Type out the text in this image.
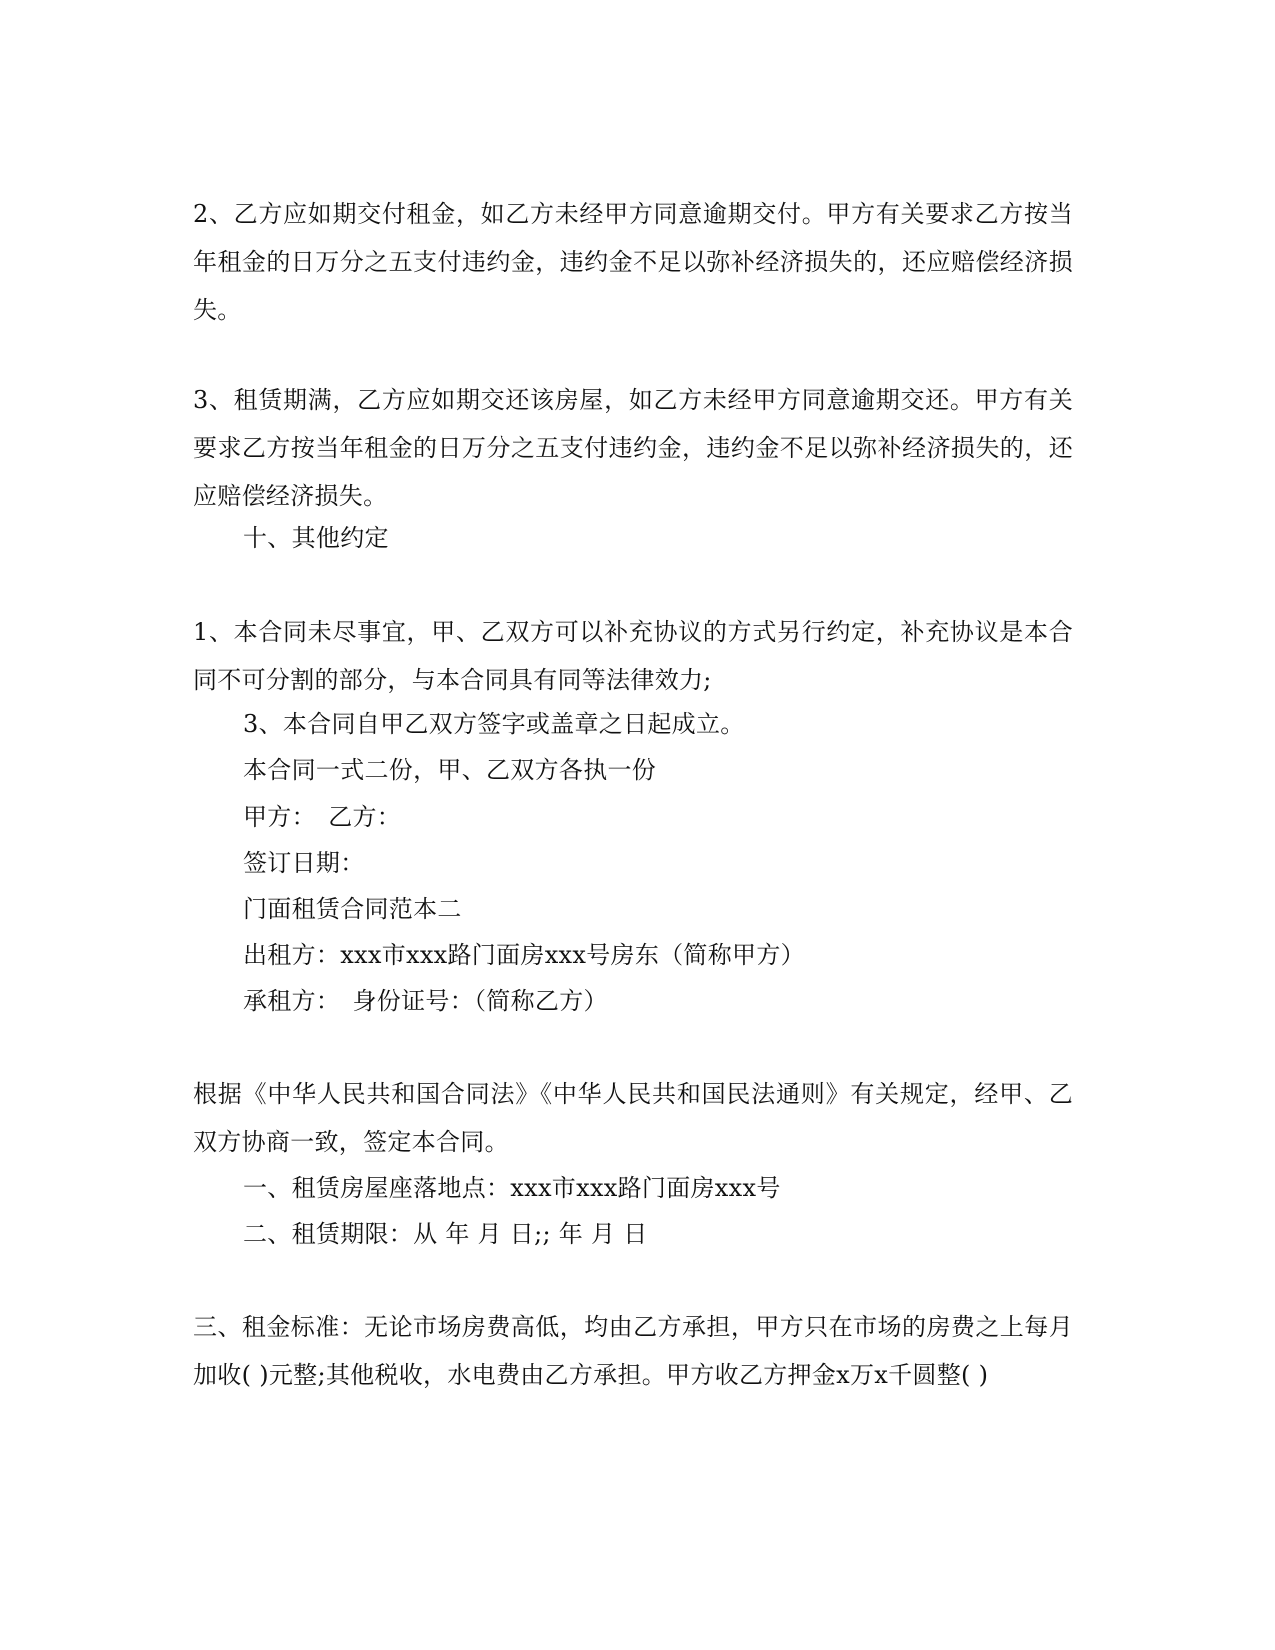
2、乙方应如期交付租金，如乙方未经甲方同意逾期交付。甲方有关要求乙方按当年租金的日万分之五支付违约金，违约金不足以弥补经济损失的，还应赔偿经济损失。

3、租赁期满，乙方应如期交还该房屋，如乙方未经甲方同意逾期交还。甲方有关要求乙方按当年租金的日万分之五支付违约金，违约金不足以弥补经济损失的，还应赔偿经济损失。

十、其他约定

1、本合同未尽事宜，甲、乙双方可以补充协议的方式另行约定，补充协议是本合同不可分割的部分，与本合同具有同等法律效力;

3、本合同自甲乙双方签字或盖章之日起成立。

本合同一式二份，甲、乙双方各执一份

甲方：　乙方：

签订日期：

门面租赁合同范本二

出租方：xxx市xxx路门面房xxx号房东（简称甲方）

承租方：　身份证号：（简称乙方）

根据《中华人民共和国合同法》《中华人民共和国民法通则》有关规定，经甲、乙双方协商一致，签定本合同。

一、租赁房屋座落地点：xxx市xxx路门面房xxx号

二、租赁期限：从 年 月 日;; 年 月 日

三、租金标准：无论市场房费高低，均由乙方承担，甲方只在市场的房费之上每月加收( )元整;其他税收，水电费由乙方承担。甲方收乙方押金x万x千圆整( )
